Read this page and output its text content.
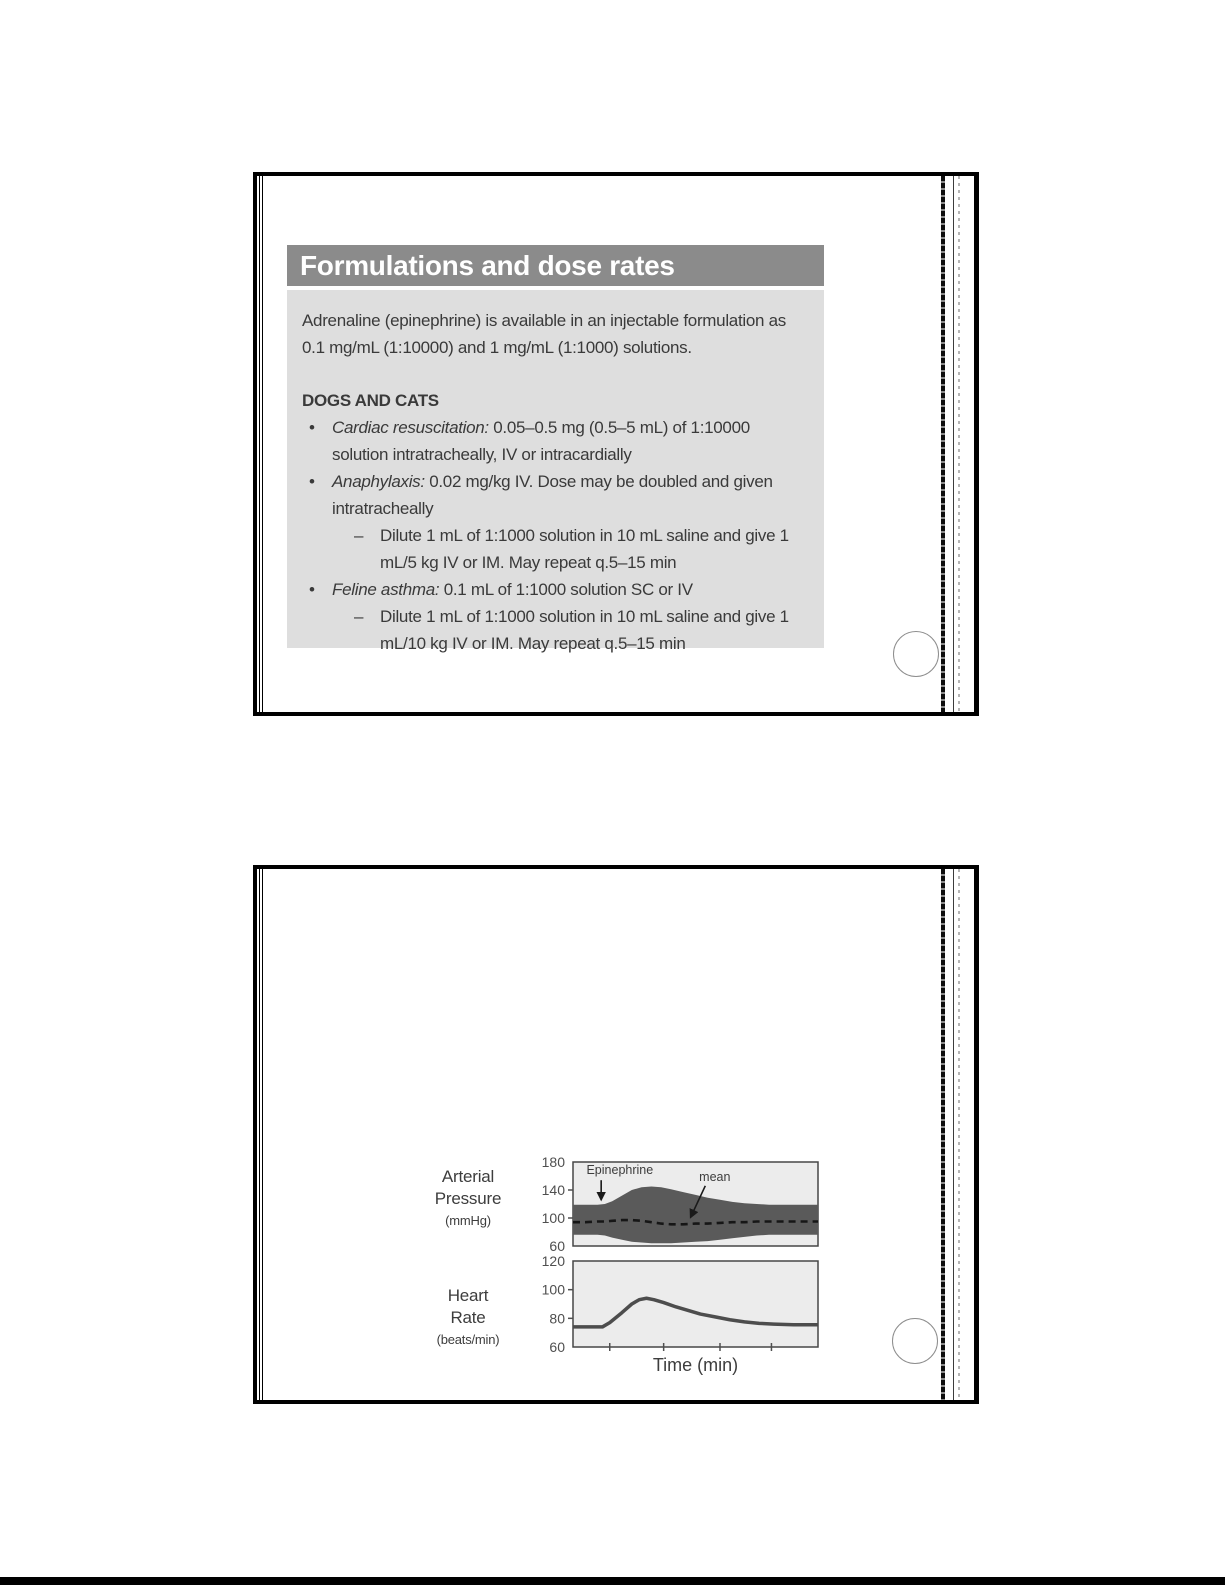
Formulations and dose rates

Adrenaline (epinephrine) is available in an injectable formulation as 0.1 mg/mL (1:10000) and 1 mg/mL (1:1000) solutions.

DOGS AND CATS

• Cardiac resuscitation: 0.05–0.5 mg (0.5–5 mL) of 1:10000 solution intratracheally, IV or intracardially
• Anaphylaxis: 0.02 mg/kg IV. Dose may be doubled and given intratracheally
– Dilute 1 mL of 1:1000 solution in 10 mL saline and give 1 mL/5 kg IV or IM. May repeat q.5–15 min
• Feline asthma: 0.1 mL of 1:1000 solution SC or IV
– Dilute 1 mL of 1:1000 solution in 10 mL saline and give 1 mL/10 kg IV or IM. May repeat q.5–15 min
Arterial
Pressure
(mmHg)
180
140
100
60
Epinephrine	mean
Heart
Rate
(beats/min)
120
100
80
60
Time (min)
